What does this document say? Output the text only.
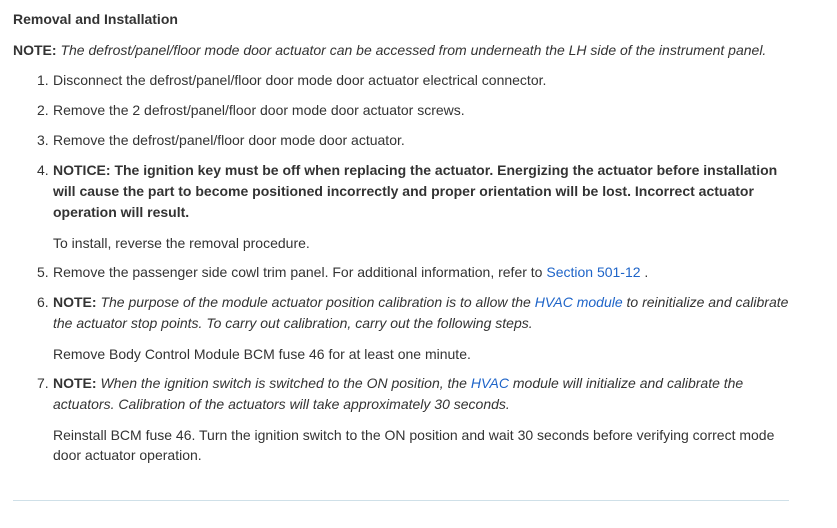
Removal and Installation
NOTE: The defrost/panel/floor mode door actuator can be accessed from underneath the LH side of the instrument panel.
1. Disconnect the defrost/panel/floor door mode door actuator electrical connector.
2. Remove the 2 defrost/panel/floor door mode door actuator screws.
3. Remove the defrost/panel/floor door mode door actuator.
4. NOTICE: The ignition key must be off when replacing the actuator. Energizing the actuator before installation will cause the part to become positioned incorrectly and proper orientation will be lost. Incorrect actuator operation will result.
To install, reverse the removal procedure.
5. Remove the passenger side cowl trim panel. For additional information, refer to Section 501-12 .
6. NOTE: The purpose of the module actuator position calibration is to allow the HVAC module to reinitialize and calibrate the actuator stop points. To carry out calibration, carry out the following steps.
Remove Body Control Module BCM fuse 46 for at least one minute.
7. NOTE: When the ignition switch is switched to the ON position, the HVAC module will initialize and calibrate the actuators. Calibration of the actuators will take approximately 30 seconds.
Reinstall BCM fuse 46. Turn the ignition switch to the ON position and wait 30 seconds before verifying correct mode door actuator operation.
